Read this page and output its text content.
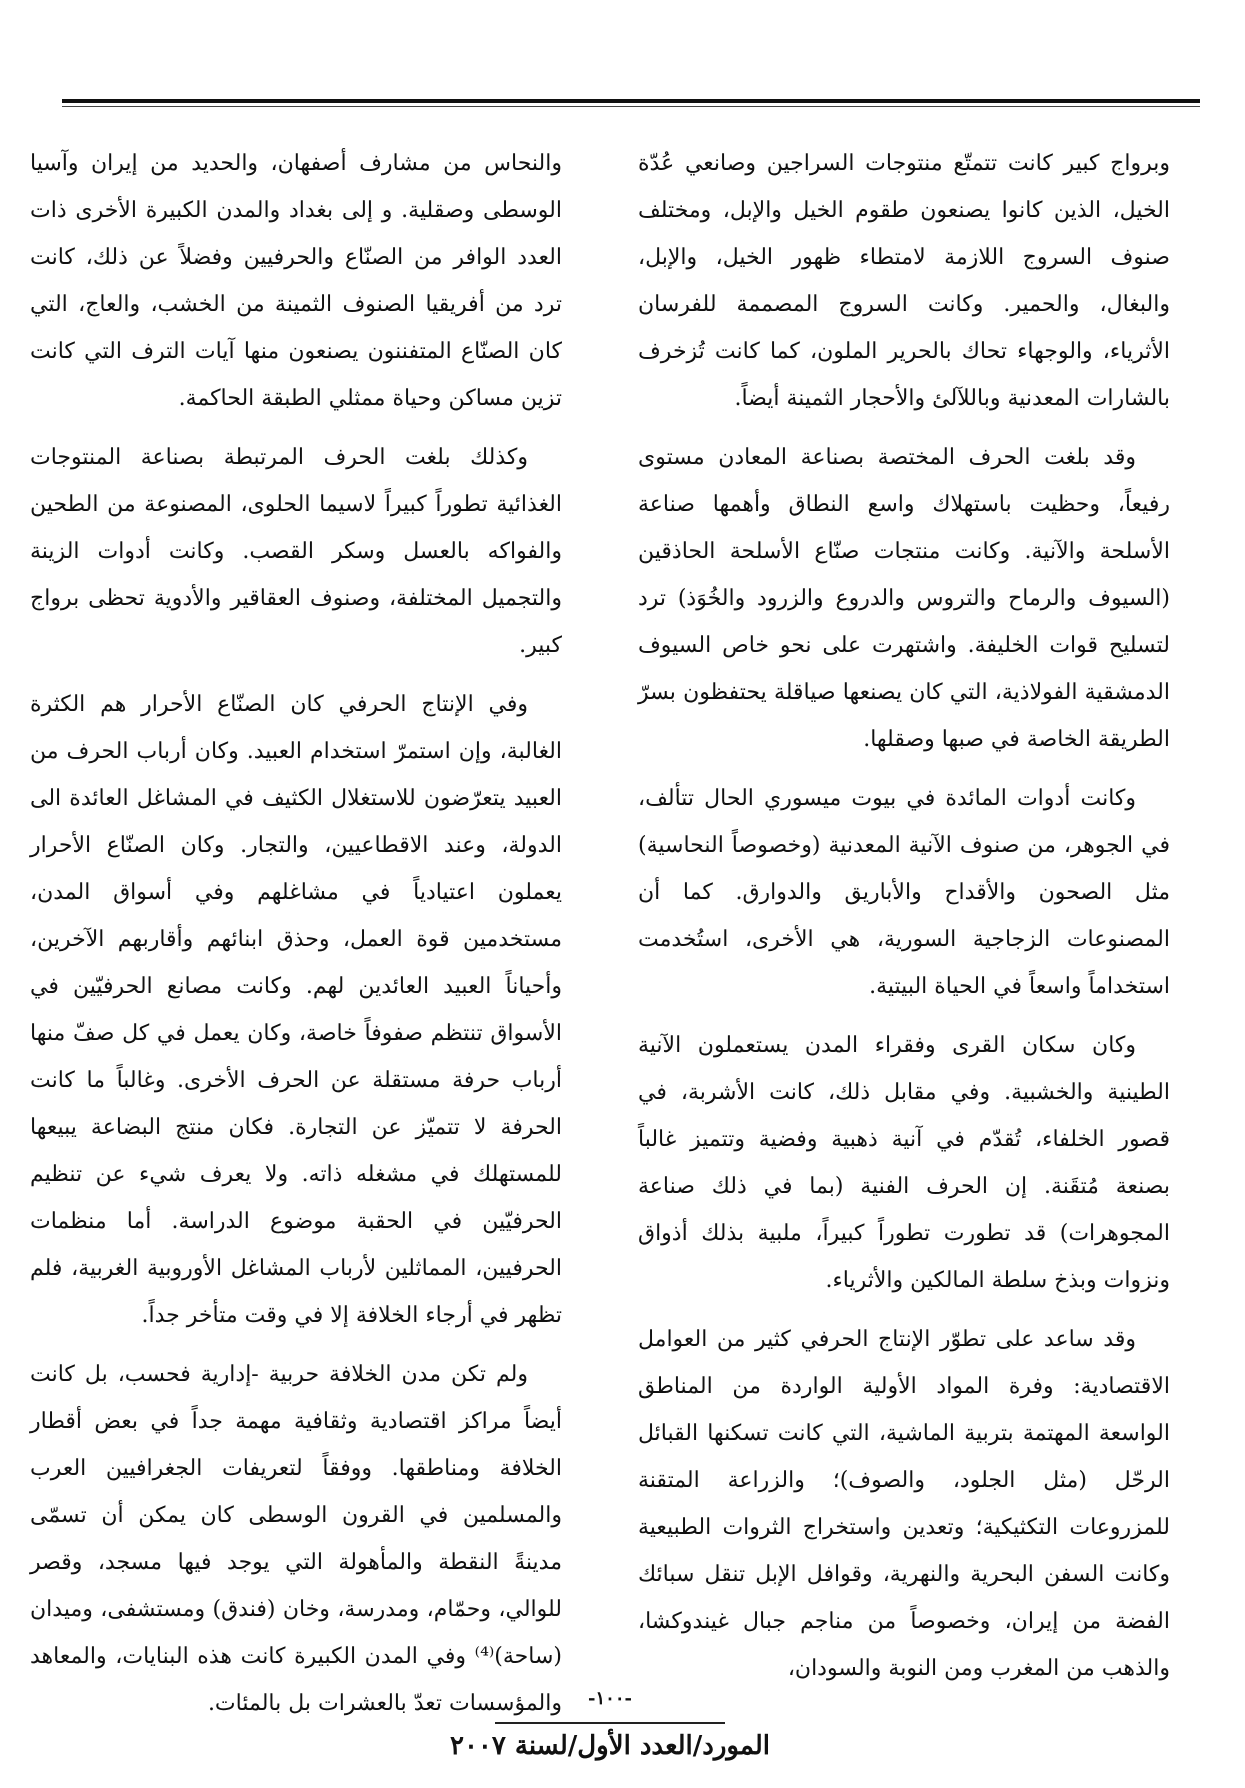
وبرواج كبير كانت تتمتّع منتوجات السراجين وصانعي عُدّة الخيل، الذين كانوا يصنعون طقوم الخيل والإبل، ومختلف صنوف السروج اللازمة لامتطاء ظهور الخيل، والإبل، والبغال، والحمير. وكانت السروج المصممة للفرسان الأثرياء، والوجهاء تحاك بالحرير الملون، كما كانت تُزخرف بالشارات المعدنية وباللآلئ والأحجار الثمينة أيضاً.

وقد بلغت الحرف المختصة بصناعة المعادن مستوى رفيعاً، وحظيت باستهلاك واسع النطاق وأهمها صناعة الأسلحة والآنية. وكانت منتجات صنّاع الأسلحة الحاذقين (السيوف والرماح والتروس والدروع والزرود والخُوَذ) ترد لتسليح قوات الخليفة. واشتهرت على نحو خاص السيوف الدمشقية الفولاذية، التي كان يصنعها صياقلة يحتفظون بسرّ الطريقة الخاصة في صبها وصقلها.

وكانت أدوات المائدة في بيوت ميسوري الحال تتألف، في الجوهر، من صنوف الآنية المعدنية (وخصوصاً النحاسية) مثل الصحون والأقداح والأباريق والدوارق. كما أن المصنوعات الزجاجية السورية، هي الأخرى، استُخدمت استخداماً واسعاً في الحياة البيتية.

وكان سكان القرى وفقراء المدن يستعملون الآنية الطينية والخشبية. وفي مقابل ذلك، كانت الأشربة، في قصور الخلفاء، تُقدّم في آنية ذهبية وفضية وتتميز غالباً بصنعة مُتقَنة. إن الحرف الفنية (بما في ذلك صناعة المجوهرات) قد تطورت تطوراً كبيراً، ملبية بذلك أذواق ونزوات وبذخ سلطة المالكين والأثرياء.

وقد ساعد على تطوّر الإنتاج الحرفي كثير من العوامل الاقتصادية: وفرة المواد الأولية الواردة من المناطق الواسعة المهتمة بتربية الماشية، التي كانت تسكنها القبائل الرحّل (مثل الجلود، والصوف)؛ والزراعة المتقنة للمزروعات التكثيكية؛ وتعدين واستخراج الثروات الطبيعية وكانت السفن البحرية والنهرية، وقوافل الإبل تنقل سبائك الفضة من إيران، وخصوصاً من مناجم جبال غيندوكشا، والذهب من المغرب ومن النوبة والسودان،

والنحاس من مشارف أصفهان، والحديد من إيران وآسيا الوسطى وصقلية. و إلى بغداد والمدن الكبيرة الأخرى ذات العدد الوافر من الصنّاع والحرفيين وفضلاً عن ذلك، كانت ترد من أفريقيا الصنوف الثمينة من الخشب، والعاج، التي كان الصنّاع المتفننون يصنعون منها آيات الترف التي كانت تزين مساكن وحياة ممثلي الطبقة الحاكمة.

وكذلك بلغت الحرف المرتبطة بصناعة المنتوجات الغذائية تطوراً كبيراً لاسيما الحلوى، المصنوعة من الطحين والفواكه بالعسل وسكر القصب. وكانت أدوات الزينة والتجميل المختلفة، وصنوف العقاقير والأدوية تحظى برواج كبير.

وفي الإنتاج الحرفي كان الصنّاع الأحرار هم الكثرة الغالبة، وإن استمرّ استخدام العبيد. وكان أرباب الحرف من العبيد يتعرّضون للاستغلال الكثيف في المشاغل العائدة الى الدولة، وعند الاقطاعيين، والتجار. وكان الصنّاع الأحرار يعملون اعتيادياً في مشاغلهم وفي أسواق المدن، مستخدمين قوة العمل، وحذق ابنائهم وأقاربهم الآخرين، وأحياناً العبيد العائدين لهم. وكانت مصانع الحرفيّين في الأسواق تنتظم صفوفاً خاصة، وكان يعمل في كل صفّ منها أرباب حرفة مستقلة عن الحرف الأخرى. وغالباً ما كانت الحرفة لا تتميّز عن التجارة. فكان منتج البضاعة يبيعها للمستهلك في مشغله ذاته. ولا يعرف شيء عن تنظيم الحرفيّين في الحقبة موضوع الدراسة. أما منظمات الحرفيين، المماثلين لأرباب المشاغل الأوروبية الغربية، فلم تظهر في أرجاء الخلافة إلا في وقت متأخر جداً.

ولم تكن مدن الخلافة حربية -إدارية فحسب، بل كانت أيضاً مراكز اقتصادية وثقافية مهمة جداً في بعض أقطار الخلافة ومناطقها. ووفقاً لتعريفات الجغرافيين العرب والمسلمين في القرون الوسطى كان يمكن أن تسمّى مدينةً النقطة والمأهولة التي يوجد فيها مسجد، وقصر للوالي، وحمّام، ومدرسة، وخان (فندق) ومستشفى، وميدان (ساحة)⁽⁴⁾ وفي المدن الكبيرة كانت هذه البنايات، والمعاهد والمؤسسات تعدّ بالعشرات بل بالمئات.	-١٠٠-
المورد/العدد الأول/لسنة ٢٠٠٧
